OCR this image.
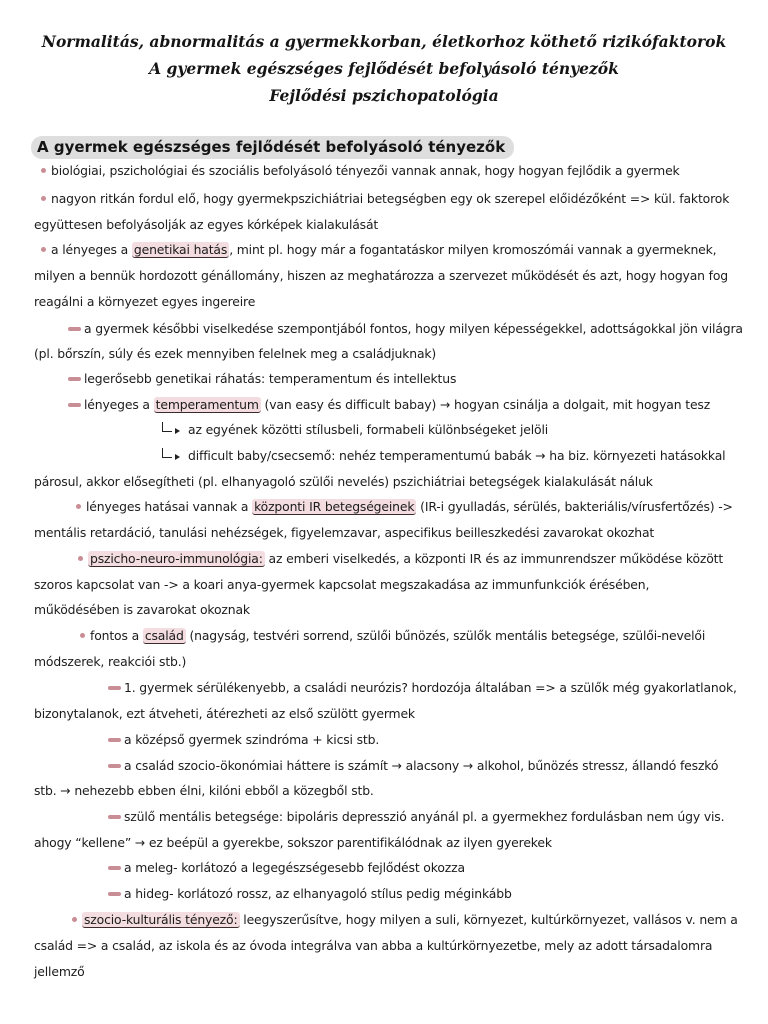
Normalitás, abnormalitás a gyermekkorban, életkorhoz köthető rizikófaktorok
A gyermek egészséges fejlődését befolyásoló tényezők
Fejlődési pszichopatológia
A gyermek egészséges fejlődését befolyásoló tényezők
biológiai, pszichológiai és szociális befolyásoló tényezői vannak annak, hogy hogyan fejlődik a gyermek
nagyon ritkán fordul elő, hogy gyermekpszichiátriai betegségben egy ok szerepel előidézőként => kül. faktorok
együttesen befolyásolják az egyes kórképek kialakulását
a lényeges a genetikai hatás , mint pl. hogy már a fogantatáskor milyen kromoszómái vannak a gyermeknek,
milyen a bennük hordozott génállomány, hiszen az meghatározza a szervezet működését és azt, hogy hogyan fog
reagálni a környezet egyes ingereire
a gyermek későbbi viselkedése szempontjából fontos, hogy milyen képességekkel, adottságokkal jön világra
(pl. bőrszín, súly és ezek mennyiben felelnek meg a családjuknak)
legerősebb genetikai ráhatás: temperamentum és intellektus
lényeges a temperamentum (van easy és difficult babay) → hogyan csinálja a dolgait, mit hogyan tesz
az egyének közötti stílusbeli, formabeli különbségeket jelöli
difficult baby/csecsemő: nehéz temperamentumú babák → ha biz. környezeti hatásokkal
párosul, akkor elősegítheti (pl. elhanyagoló szülői nevelés) pszichiátriai betegségek kialakulását náluk
lényeges hatásai vannak a központi IR betegségeinek (IR-i gyulladás, sérülés, bakteriális/vírusfertőzés) ->
mentális retardáció, tanulási nehézségek, figyelemzavar, aspecifikus beilleszkedési zavarokat okozhat
pszicho-neuro-immunológia: az emberi viselkedés, a központi IR és az immunrendszer működése között
szoros kapcsolat van -> a koari anya-gyermek kapcsolat megszakadása az immunfunkciók érésében,
működésében is zavarokat okoznak
fontos a család (nagyság, testvéri sorrend, szülői bűnözés, szülők mentális betegsége, szülői-nevelői
módszerek, reakciói stb.)
1. gyermek sérülékenyebb, a családi neurózis? hordozója általában => a szülők még gyakorlatlanok,
bizonytalanok, ezt átveheti, átérezheti az első szülött gyermek
a középső gyermek szindróma + kicsi stb.
a család szocio-ökonómiai háttere is számít → alacsony → alkohol, bűnözés stressz, állandó feszkó
stb. → nehezebb ebben élni, kilóni ebből a közegből stb.
szülő mentális betegsége: bipoláris depresszió anyánál pl. a gyermekhez fordulásban nem úgy vis.
ahogy “kellene” → ez beépül a gyerekbe, sokszor parentifikálódnak az ilyen gyerekek
a meleg- korlátozó a legegészségesebb fejlődést okozza
a hideg- korlátozó rossz, az elhanyagoló stílus pedig méginkább
szocio-kulturális tényező: leegyszerűsítve, hogy milyen a suli, környezet, kultúrkörnyezet, vallásos v. nem a
család => a család, az iskola és az óvoda integrálva van abba a kultúrkörnyezetbe, mely az adott társadalomra
jellemző
